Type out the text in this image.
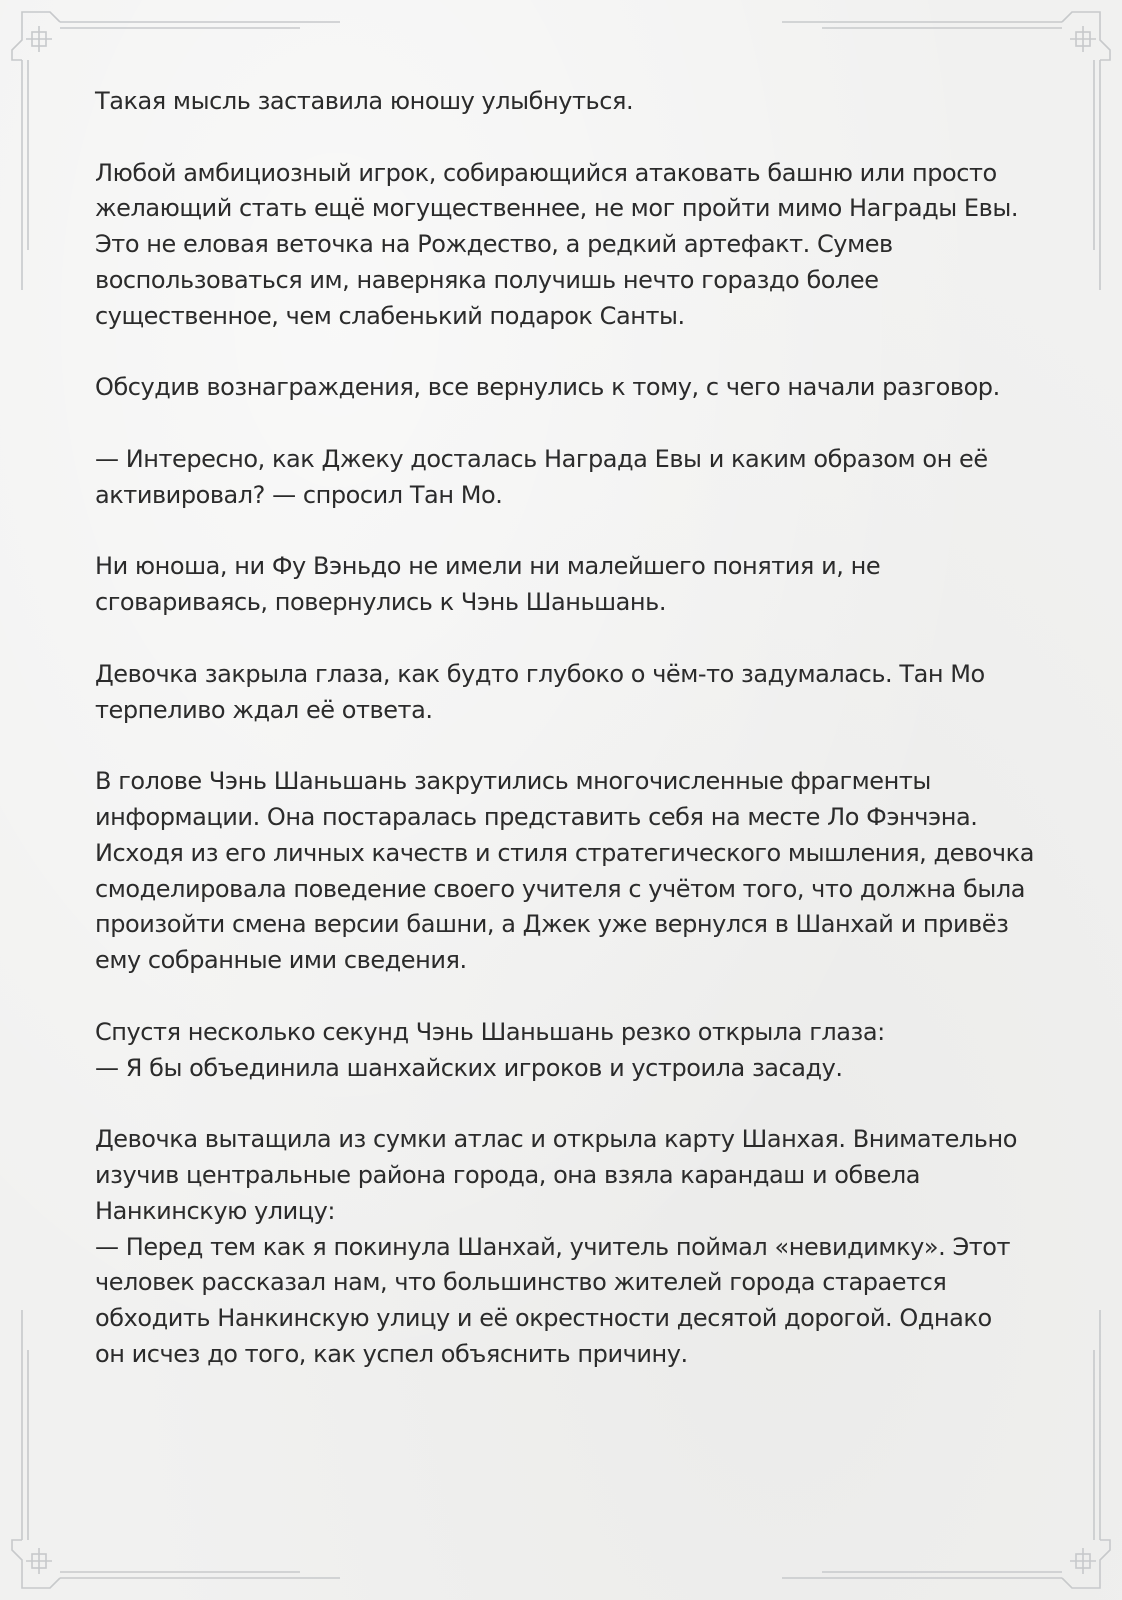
Такая мысль заставила юношу улыбнуться.

Любой амбициозный игрок, собирающийся атаковать башню или просто
желающий стать ещё могущественнее, не мог пройти мимо Награды Евы.
Это не еловая веточка на Рождество, а редкий артефакт. Сумев
воспользоваться им, наверняка получишь нечто гораздо более
существенное, чем слабенький подарок Санты.

Обсудив вознаграждения, все вернулись к тому, с чего начали разговор.

— Интересно, как Джеку досталась Награда Евы и каким образом он её
активировал? — спросил Тан Мо.

Ни юноша, ни Фу Вэньдо не имели ни малейшего понятия и, не
сговариваясь, повернулись к Чэнь Шаньшань.

Девочка закрыла глаза, как будто глубоко о чём-то задумалась. Тан Мо
терпеливо ждал её ответа.

В голове Чэнь Шаньшань закрутились многочисленные фрагменты
информации. Она постаралась представить себя на месте Ло Фэнчэна.
Исходя из его личных качеств и стиля стратегического мышления, девочка
смоделировала поведение своего учителя с учётом того, что должна была
произойти смена версии башни, а Джек уже вернулся в Шанхай и привёз
ему собранные ими сведения.

Спустя несколько секунд Чэнь Шаньшань резко открыла глаза:
— Я бы объединила шанхайских игроков и устроила засаду.

Девочка вытащила из сумки атлас и открыла карту Шанхая. Внимательно
изучив центральные района города, она взяла карандаш и обвела
Нанкинскую улицу:
— Перед тем как я покинула Шанхай, учитель поймал «невидимку». Этот
человек рассказал нам, что большинство жителей города старается
обходить Нанкинскую улицу и её окрестности десятой дорогой. Однако
он исчез до того, как успел объяснить причину.
